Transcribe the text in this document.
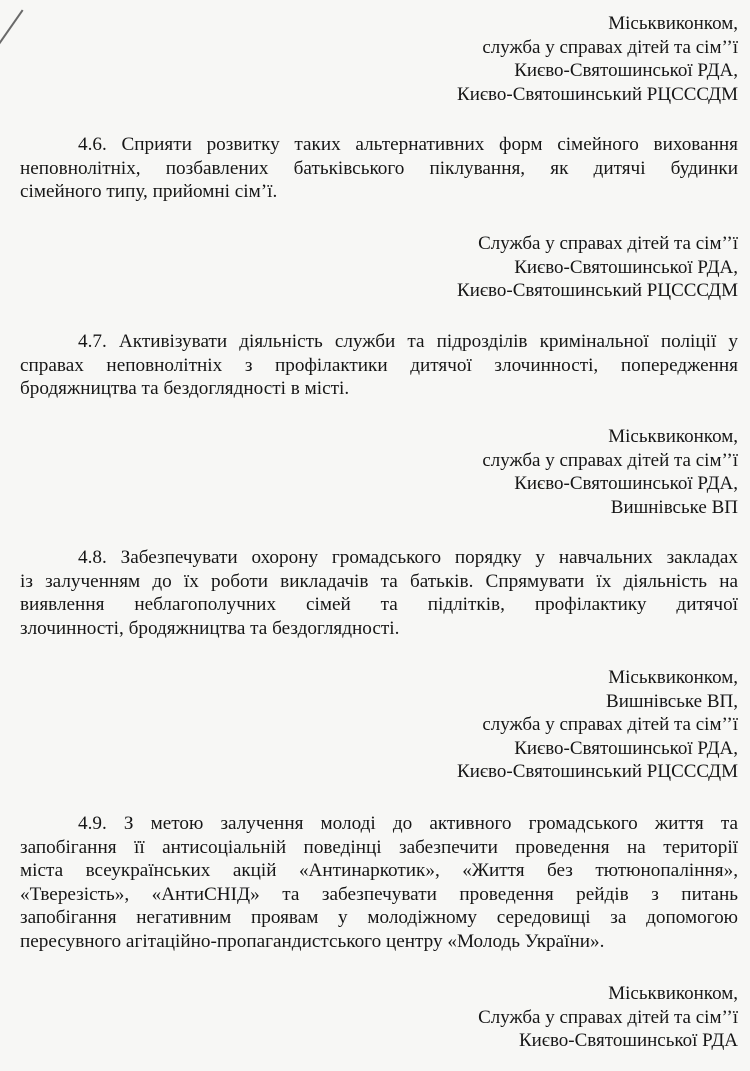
Міськвиконком,
служба у справах дітей та сім’’ї
Києво-Святошинської РДА,
Києво-Святошинський РЦСССДМ
4.6. Сприяти розвитку таких альтернативних форм сімейного виховання
неповнолітніх, позбавлених батьківського піклування, як дитячі будинки
сімейного типу, прийомні сім’ї.
Служба у справах дітей та сім’’ї
Києво-Святошинської РДА,
Києво-Святошинський РЦСССДМ
4.7. Активізувати діяльність служби та підрозділів кримінальної поліції у
справах неповнолітніх з профілактики дитячої злочинності, попередження
бродяжництва та бездоглядності в місті.
Міськвиконком,
служба у справах дітей та сім’’ї
Києво-Святошинської РДА,
Вишнівське ВП
4.8. Забезпечувати охорону громадського порядку у навчальних закладах
із залученням до їх роботи викладачів та батьків. Спрямувати їх діяльність на
виявлення неблагополучних сімей та підлітків, профілактику дитячої
злочинності, бродяжництва та бездоглядності.
Міськвиконком,
Вишнівське ВП,
служба у справах дітей та сім’’ї
Києво-Святошинської РДА,
Києво-Святошинський РЦСССДМ
4.9. З метою залучення молоді до активного громадського життя та
запобігання її антисоціальній поведінці забезпечити проведення на території
міста всеукраїнських акцій «Антинаркотик», «Життя без тютюнопаління»,
«Тверезість», «АнтиСНІД» та забезпечувати проведення рейдів з питань
запобігання негативним проявам у молодіжному середовищі за допомогою
пересувного агітаційно-пропагандистського центру «Молодь України».
Міськвиконком,
Служба у справах дітей та сім’’ї
Києво-Святошинської РДА
